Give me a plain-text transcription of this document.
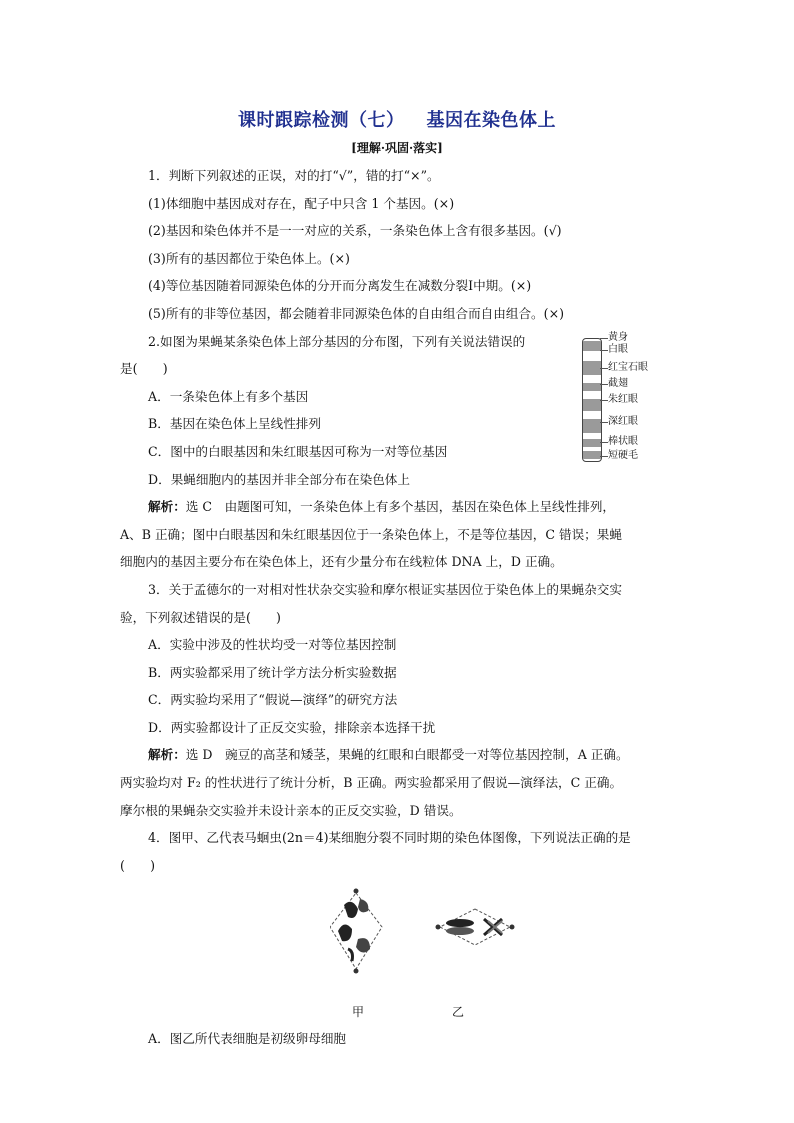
课时跟踪检测（七） 基因在染色体上
[理解·巩固·落实]

1．判断下列叙述的正误，对的打“√”，错的打“×”。

(1)体细胞中基因成对存在，配子中只含 1 个基因。(×)

(2)基因和染色体并不是一一对应的关系，一条染色体上含有很多基因。(√)

(3)所有的基因都位于染色体上。(×)

(4)等位基因随着同源染色体的分开而分离发生在减数分裂Ⅰ中期。(×)

(5)所有的非等位基因，都会随着非同源染色体的自由组合而自由组合。(×)

2.如图为果蝇某条染色体上部分基因的分布图，下列有关说法错误的

是(　　)

A．一条染色体上有多个基因

B．基因在染色体上呈线性排列

C．图中的白眼基因和朱红眼基因可称为一对等位基因

D．果蝇细胞内的基因并非全部分布在染色体上

黄身
白眼
红宝石眼
截翅
朱红眼
深红眼
棒状眼
短硬毛

解析：选 C　由题图可知，一条染色体上有多个基因，基因在染色体上呈线性排列，

A、B 正确；图中白眼基因和朱红眼基因位于一条染色体上，不是等位基因，C 错误；果蝇

细胞内的基因主要分布在染色体上，还有少量分布在线粒体 DNA 上，D 正确。

3．关于孟德尔的一对相对性状杂交实验和摩尔根证实基因位于染色体上的果蝇杂交实

验，下列叙述错误的是(　　)

A．实验中涉及的性状均受一对等位基因控制

B．两实验都采用了统计学方法分析实验数据

C．两实验均采用了“假说—演绎”的研究方法

D．两实验都设计了正反交实验，排除亲本选择干扰

解析：选 D　豌豆的高茎和矮茎，果蝇的红眼和白眼都受一对等位基因控制，A 正确。

两实验均对 F₂ 的性状进行了统计分析，B 正确。两实验都采用了假说—演绎法，C 正确。

摩尔根的果蝇杂交实验并未设计亲本的正反交实验，D 错误。

4．图甲、乙代表马蛔虫(2n＝4)某细胞分裂不同时期的染色体图像，下列说法正确的是

(　　)

甲	乙

A．图乙所代表细胞是初级卵母细胞
